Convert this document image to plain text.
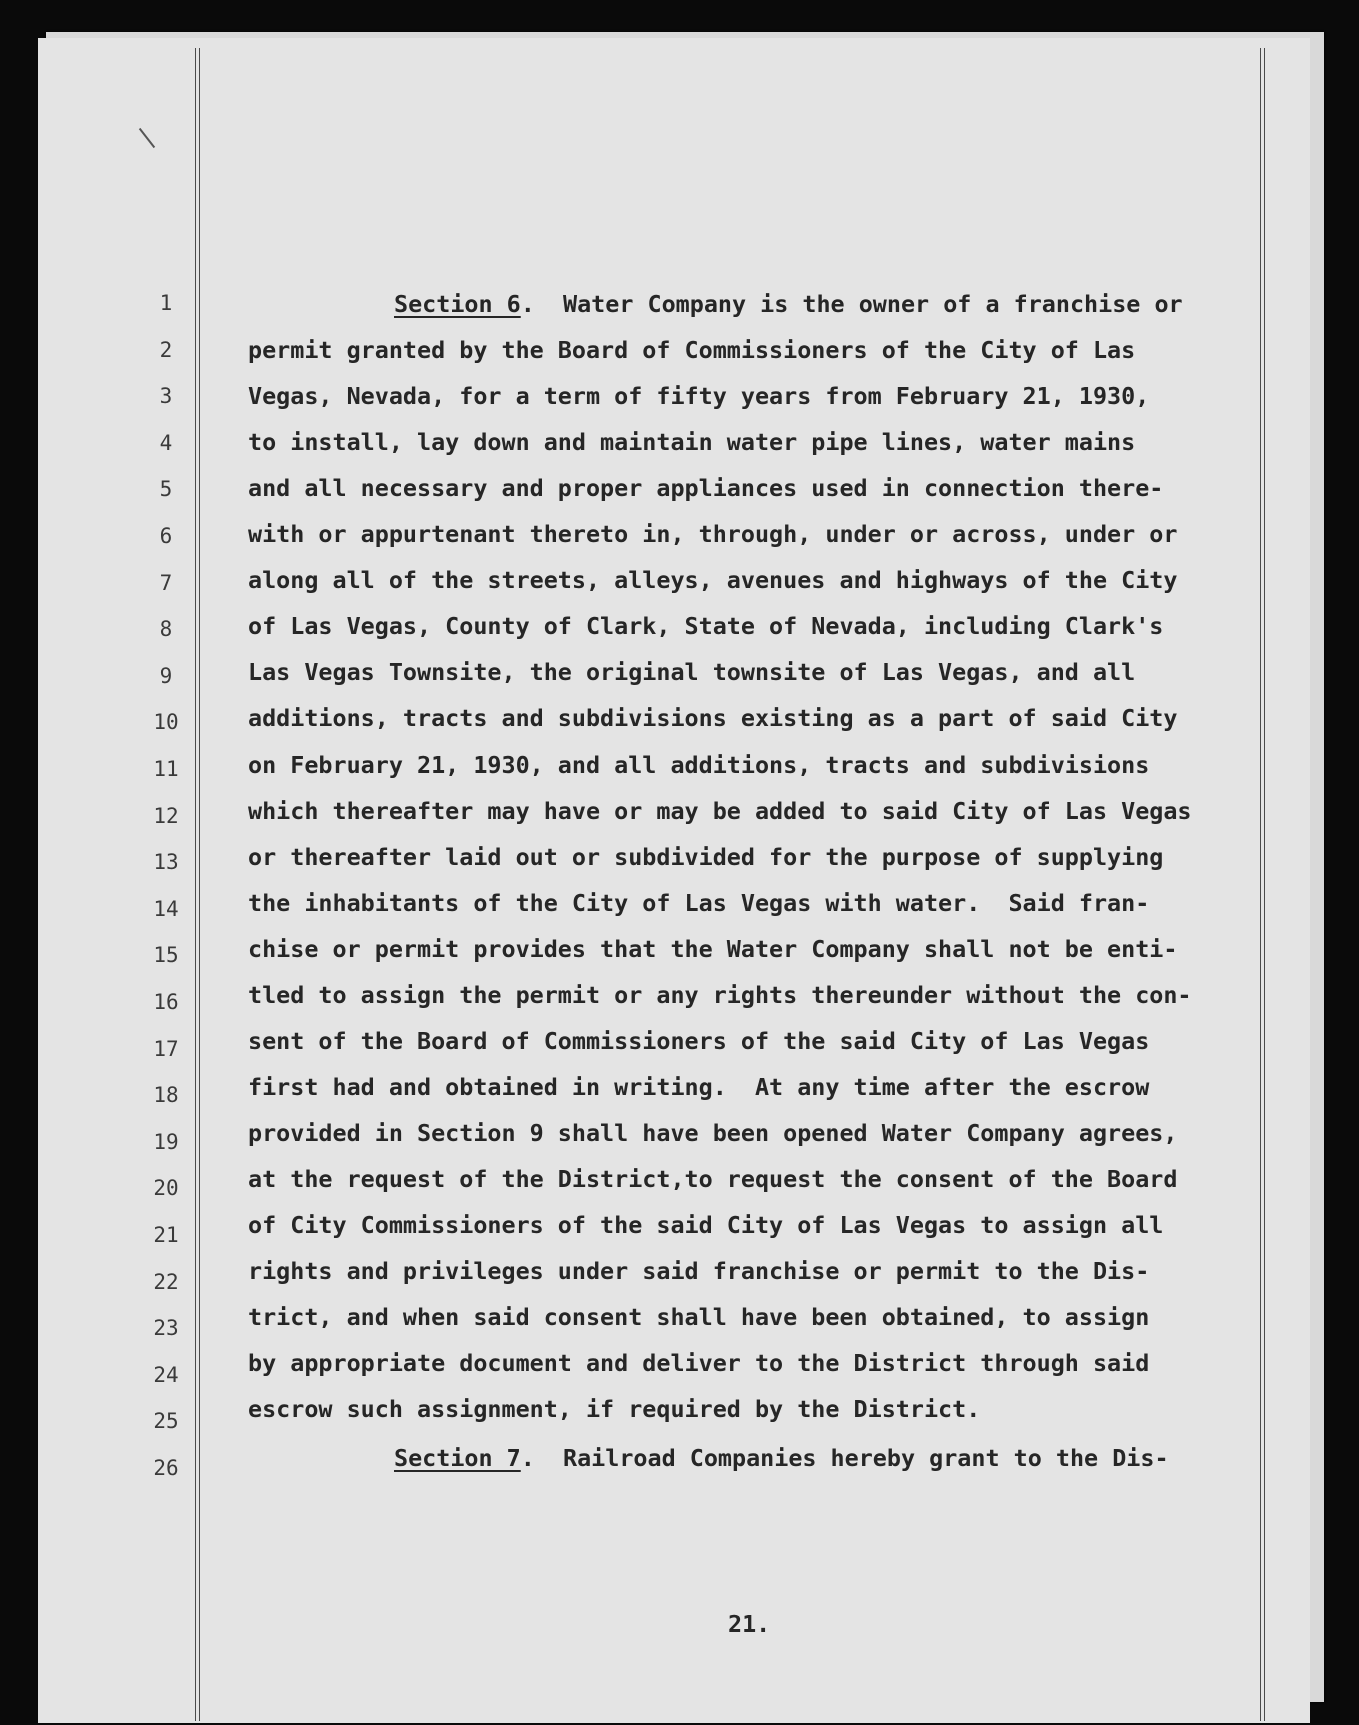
1
2
3
4
5
6
7
8
9
10
11
12
13
14
15
16
17
18
19
20
21
22
23
24
25
26
Section 6.  Water Company is the owner of a franchise or
permit granted by the Board of Commissioners of the City of Las
Vegas, Nevada, for a term of fifty years from February 21, 1930,
to install, lay down and maintain water pipe lines, water mains
and all necessary and proper appliances used in connection there-
with or appurtenant thereto in, through, under or across, under or
along all of the streets, alleys, avenues and highways of the City
of Las Vegas, County of Clark, State of Nevada, including Clark's
Las Vegas Townsite, the original townsite of Las Vegas, and all
additions, tracts and subdivisions existing as a part of said City
on February 21, 1930, and all additions, tracts and subdivisions
which thereafter may have or may be added to said City of Las Vegas
or thereafter laid out or subdivided for the purpose of supplying
the inhabitants of the City of Las Vegas with water.  Said fran-
chise or permit provides that the Water Company shall not be enti-
tled to assign the permit or any rights thereunder without the con-
sent of the Board of Commissioners of the said City of Las Vegas
first had and obtained in writing.  At any time after the escrow
provided in Section 9 shall have been opened Water Company agrees,
at the request of the District,to request the consent of the Board
of City Commissioners of the said City of Las Vegas to assign all
rights and privileges under said franchise or permit to the Dis-
trict, and when said consent shall have been obtained, to assign
by appropriate document and deliver to the District through said
escrow such assignment, if required by the District.
Section 7.  Railroad Companies hereby grant to the Dis-
21.
